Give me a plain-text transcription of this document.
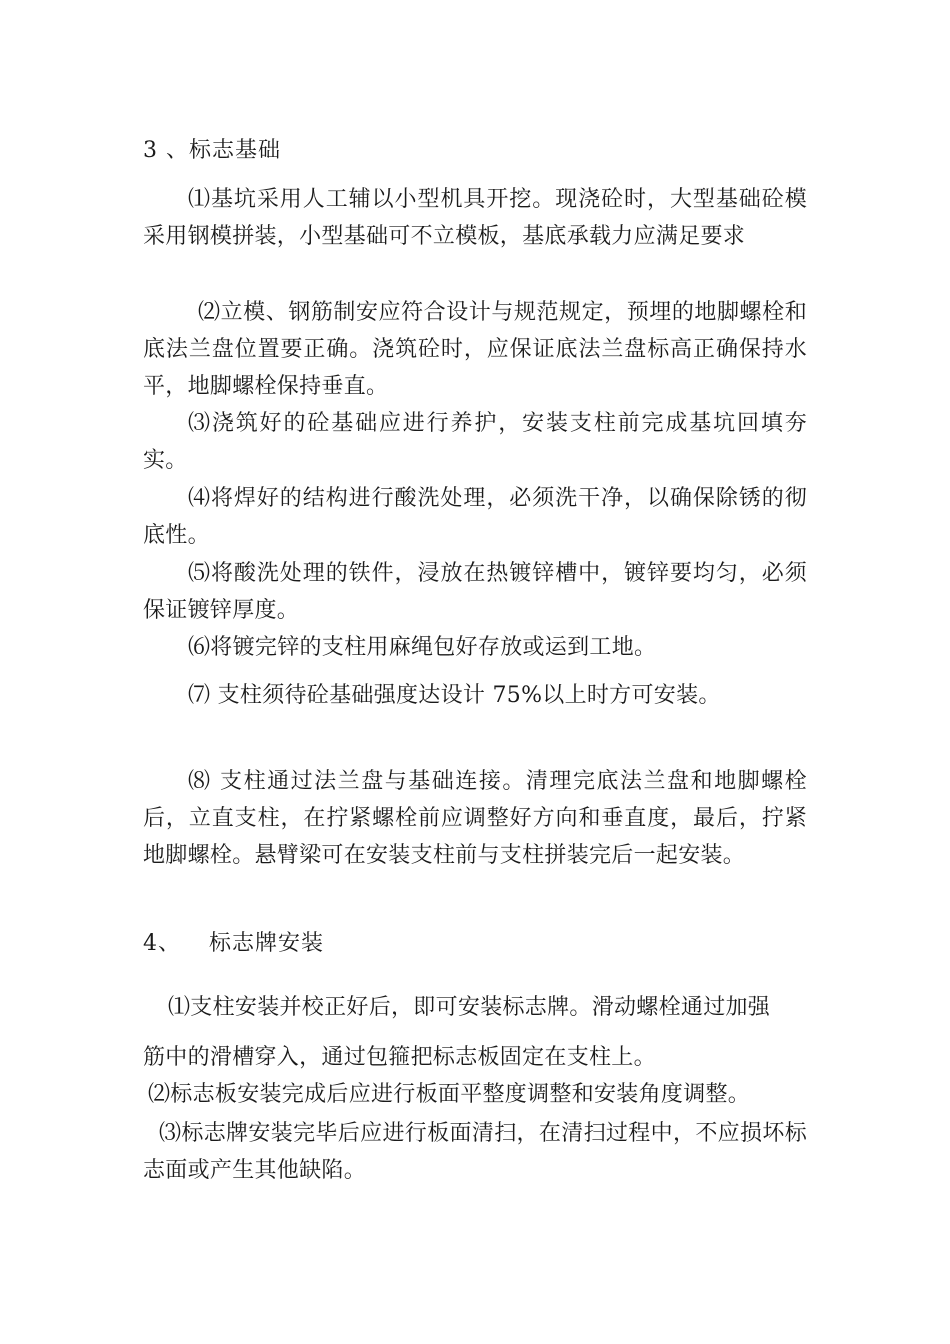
3 、标志基础

⑴基坑采用人工辅以小型机具开挖。现浇砼时，大型基础砼模采用钢模拼装，小型基础可不立模板，基底承载力应满足要求

⑵立模、钢筋制安应符合设计与规范规定，预埋的地脚螺栓和底法兰盘位置要正确。浇筑砼时，应保证底法兰盘标高正确保持水平，地脚螺栓保持垂直。

⑶浇筑好的砼基础应进行养护，安装支柱前完成基坑回填夯实。

⑷将焊好的结构进行酸洗处理，必须洗干净，以确保除锈的彻底性。

⑸将酸洗处理的铁件，浸放在热镀锌槽中，镀锌要均匀，必须保证镀锌厚度。

⑹将镀完锌的支柱用麻绳包好存放或运到工地。

⑺ 支柱须待砼基础强度达设计 75%以上时方可安装。

⑻ 支柱通过法兰盘与基础连接。清理完底法兰盘和地脚螺栓后，立直支柱，在拧紧螺栓前应调整好方向和垂直度，最后，拧紧地脚螺栓。悬臂梁可在安装支柱前与支柱拼装完后一起安装。

4、 标志牌安装

⑴支柱安装并校正好后，即可安装标志牌。滑动螺栓通过加强

筋中的滑槽穿入，通过包箍把标志板固定在支柱上。

⑵标志板安装完成后应进行板面平整度调整和安装角度调整。

⑶标志牌安装完毕后应进行板面清扫，在清扫过程中，不应损坏标志面或产生其他缺陷。
